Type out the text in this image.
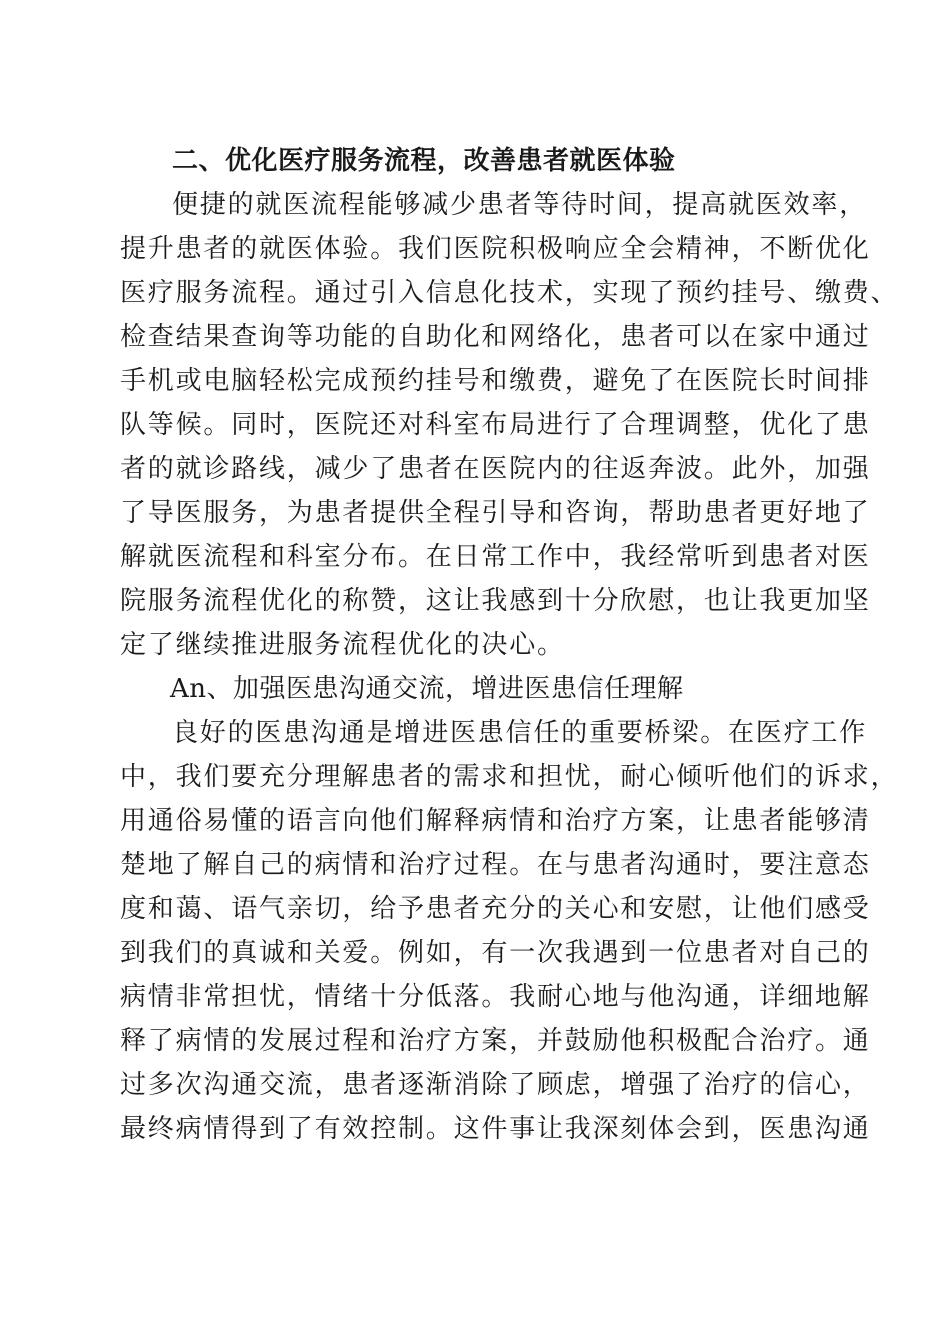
二、优化医疗服务流程，改善患者就医体验
便捷的就医流程能够减少患者等待时间，提高就医效率，
提升患者的就医体验。我们医院积极响应全会精神，不断优化
医疗服务流程。通过引入信息化技术，实现了预约挂号、缴费、
检查结果查询等功能的自助化和网络化，患者可以在家中通过
手机或电脑轻松完成预约挂号和缴费，避免了在医院长时间排
队等候。同时，医院还对科室布局进行了合理调整，优化了患
者的就诊路线，减少了患者在医院内的往返奔波。此外，加强
了导医服务，为患者提供全程引导和咨询，帮助患者更好地了
解就医流程和科室分布。在日常工作中，我经常听到患者对医
院服务流程优化的称赞，这让我感到十分欣慰，也让我更加坚
定了继续推进服务流程优化的决心。
An、加强医患沟通交流，增进医患信任理解
良好的医患沟通是增进医患信任的重要桥梁。在医疗工作
中，我们要充分理解患者的需求和担忧，耐心倾听他们的诉求，
用通俗易懂的语言向他们解释病情和治疗方案，让患者能够清
楚地了解自己的病情和治疗过程。在与患者沟通时，要注意态
度和蔼、语气亲切，给予患者充分的关心和安慰，让他们感受
到我们的真诚和关爱。例如，有一次我遇到一位患者对自己的
病情非常担忧，情绪十分低落。我耐心地与他沟通，详细地解
释了病情的发展过程和治疗方案，并鼓励他积极配合治疗。通
过多次沟通交流，患者逐渐消除了顾虑，增强了治疗的信心，
最终病情得到了有效控制。这件事让我深刻体会到，医患沟通
